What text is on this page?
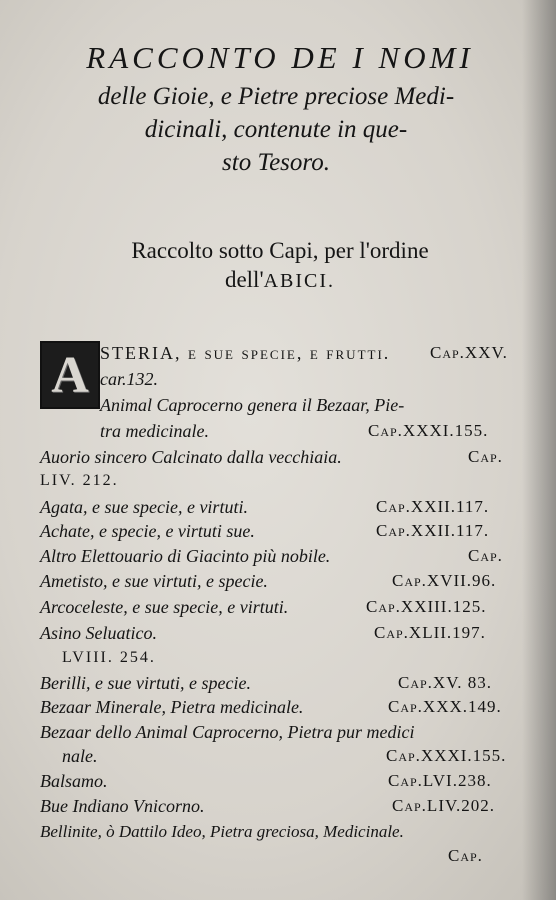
RACCONTO DE I NOMI
delle Gioie, e Pietre preciose Medi-
dicinali, contenute in que-
sto Tesoro.
Raccolto sotto Capi, per l'ordine
dell'ABICI.
A STERIA, e sue specie, e frutti. Cap.XXV.
car.132.
Animal Caprocerno genera il Bezaar, Pie-
tra medicinale.	Cap.XXXI.155.
Auorio sincero Calcinato dalla vecchiaia.	Cap.
LIV. 212.
Agata, e sue specie, e virtuti.	Cap.XXII.117.
Achate, e specie, e virtuti sue.	Cap.XXII.117.
Altro Elettouario di Giacinto più nobile.	Cap.
Ametisto, e sue virtuti, e specie.	Cap.XVII.96.
Arcoceleste, e sue specie, e virtuti.	Cap.XXIII.125.
Asino Seluatico.	Cap.XLII.197.
LVIII. 254.
Berilli, e sue virtuti, e specie.	Cap.XV. 83.
Bezaar Minerale, Pietra medicinale.	Cap.XXX.149.
Bezaar dello Animal Caprocerno, Pietra pur medici
nale.	Cap.XXXI.155.
Balsamo.	Cap.LVI.238.
Bue Indiano Vnicorno.	Cap.LIV.202.
Bellinite, ò Dattilo Ideo, Pietra greciosa, Medicinale.
Cap.
